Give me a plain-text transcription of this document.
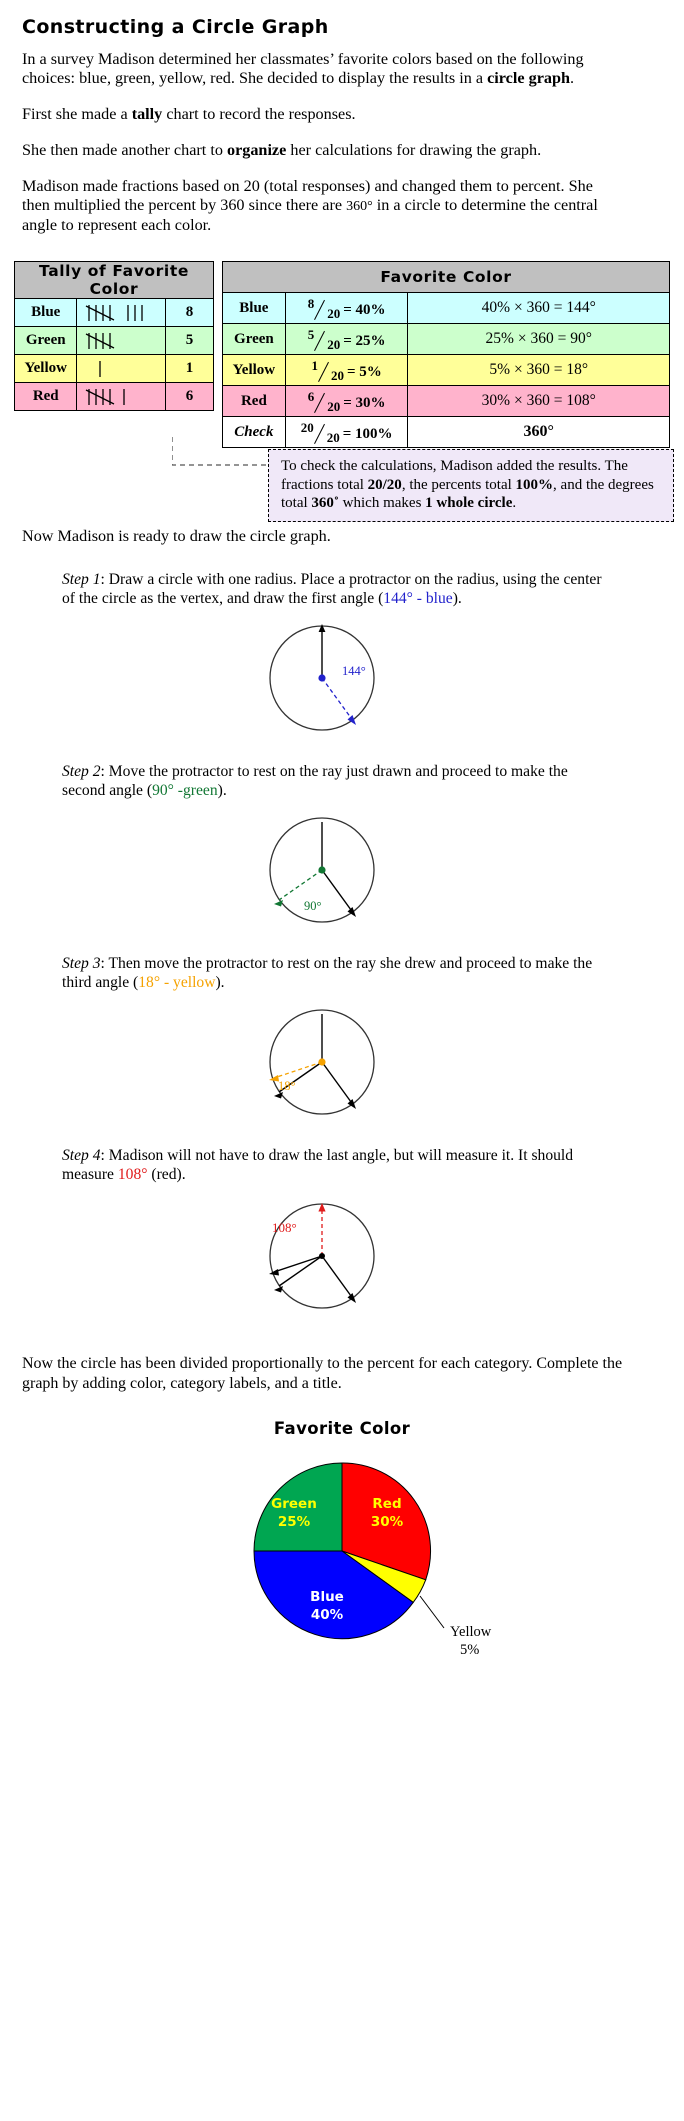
Constructing a Circle Graph

In a survey Madison determined her classmates’ favorite colors based on the following choices: blue, green, yellow, red. She decided to display the results in a circle graph.

First she made a tally chart to record the responses.

She then made another chart to organize her calculations for drawing the graph.

Madison made fractions based on 20 (total responses) and changed them to percent. She then multiplied the percent by 360 since there are 360° in a circle to determine the central angle to represent each color.

Tally of Favorite Color		
Blue		8
Green		5
Yellow		1
Red		6
Favorite Color		
Blue	820 = 40%	40% × 360 = 144°
Green	520 = 25%	25% × 360 = 90°
Yellow	120 = 5%	5% × 360 = 18°
Red	620 = 30%	30% × 360 = 108°
Check	2020 = 100%	360°
To check the calculations, Madison added the results. The fractions total 20/20, the percents total 100%, and the degrees total 360˚ which makes 1 whole circle.

Now Madison is ready to draw the circle graph.

Step 1: Draw a circle with one radius. Place a protractor on the radius, using the center of the circle as the vertex, and draw the first angle (144° - blue).

144°

Step 2: Move the protractor to rest on the ray just drawn and proceed to make the second angle (90° -green).

90°

Step 3: Then move the protractor to rest on the ray she drew and proceed to make the third angle (18° - yellow).

18°

Step 4: Madison will not have to draw the last angle, but will measure it. It should measure 108° (red).

108°

Now the circle has been divided proportionally to the percent for each category. Complete the graph by adding color, category labels, and a title.

Favorite Color
Red
30%
Green
25%
Blue
40%
Yellow
5%
